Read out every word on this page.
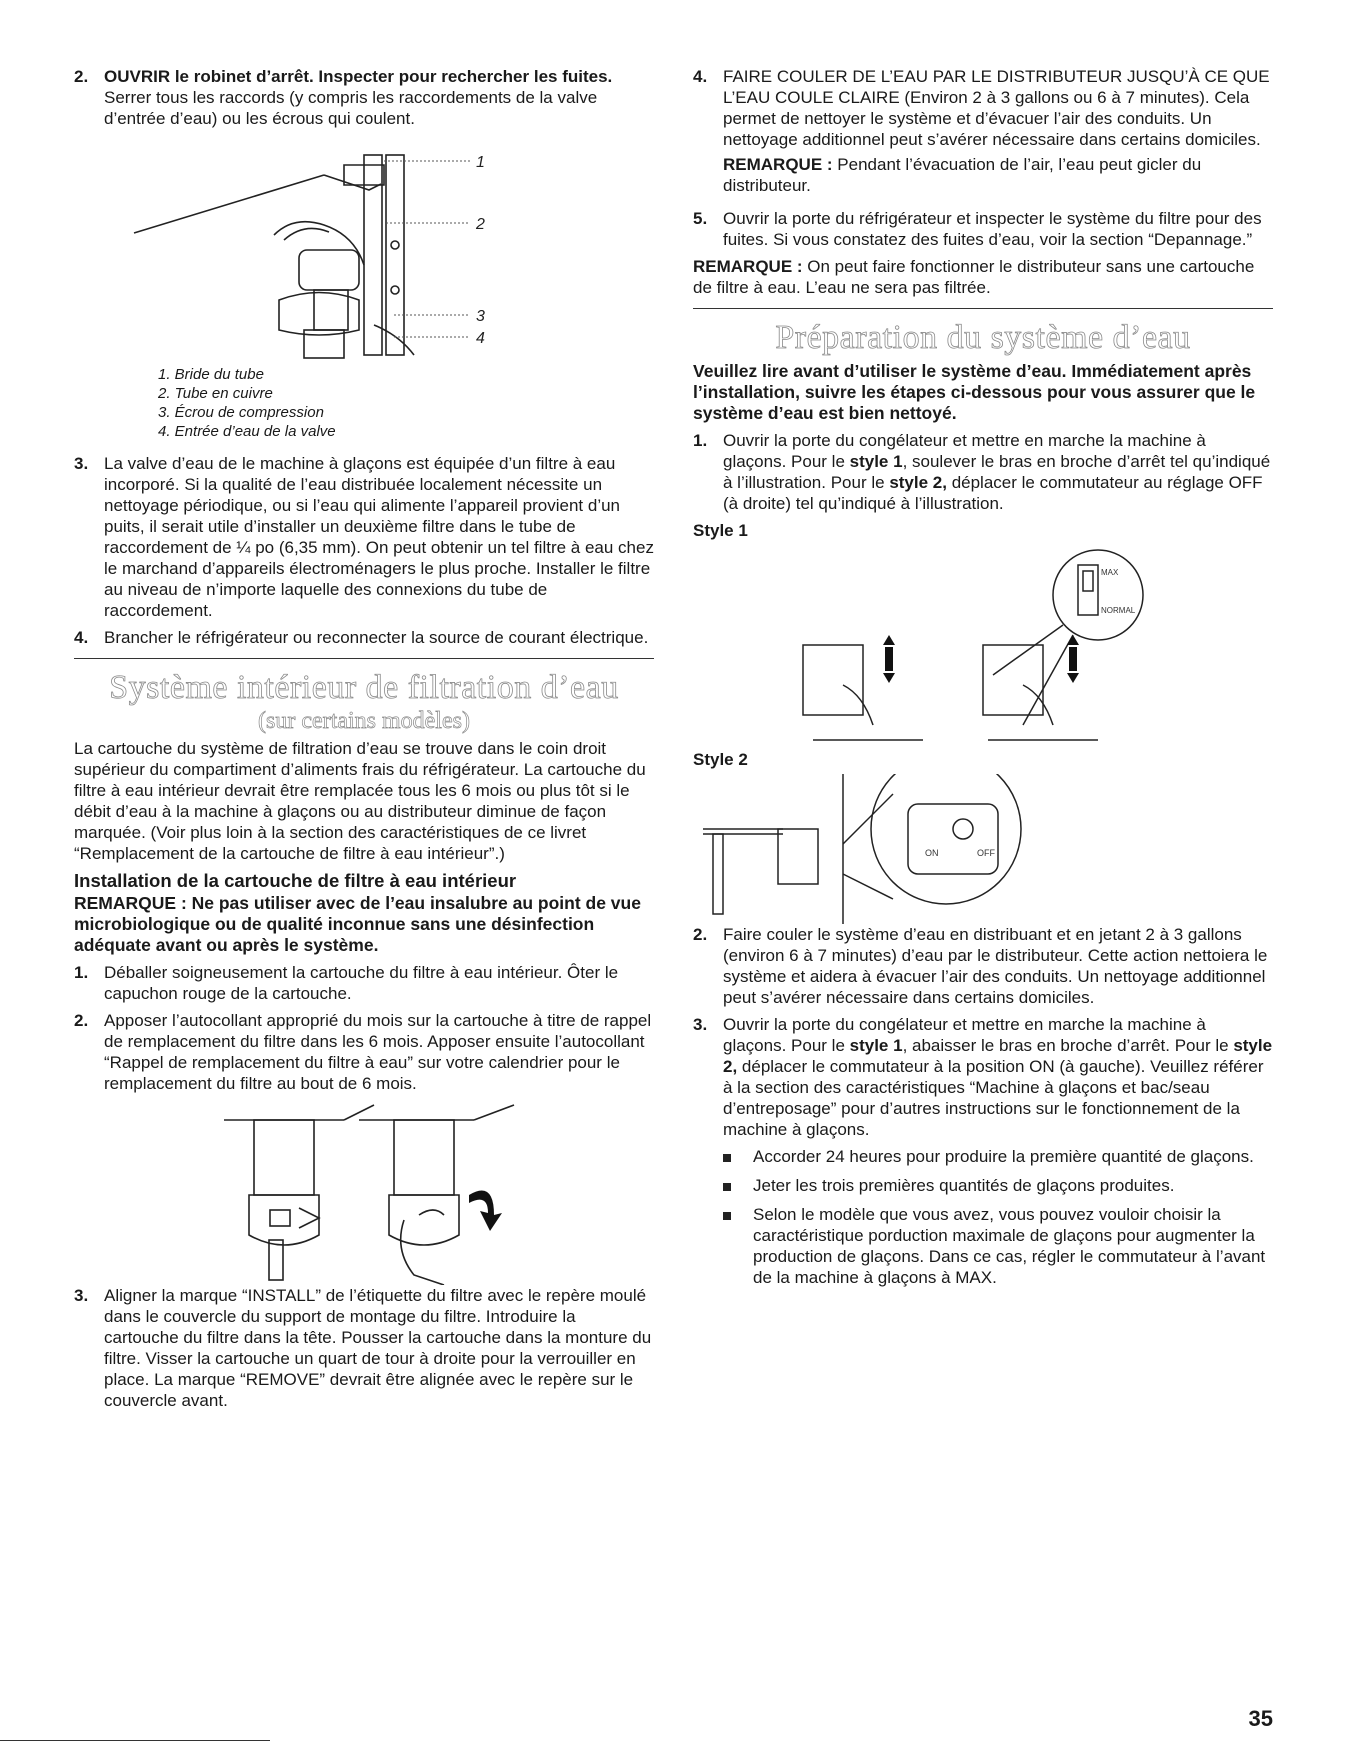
2. OUVRIR le robinet d’arrêt. Inspecter pour rechercher les fuites. Serrer tous les raccords (y compris les raccordements de la valve d’entrée d’eau) ou les écrous qui coulent.
1
2
3
4
1. Bride du tube
2. Tube en cuivre
3. Écrou de compression
4. Entrée d’eau de la valve
3. La valve d’eau de le machine à glaçons est équipée d’un filtre à eau incorporé. Si la qualité de l’eau distribuée localement nécessite un nettoyage périodique, ou si l’eau qui alimente l’appareil provient d’un puits, il serait utile d’installer un deuxième filtre dans le tube de raccordement de ¼ po (6,35 mm). On peut obtenir un tel filtre à eau chez le marchand d’appareils électroménagers le plus proche. Installer le filtre au niveau de n’importe laquelle des connexions du tube de raccordement.
4. Brancher le réfrigérateur ou reconnecter la source de courant électrique.
Système intérieur de filtration d’eau
(sur certains modèles)

La cartouche du système de filtration d’eau se trouve dans le coin droit supérieur du compartiment d’aliments frais du réfrigérateur. La cartouche du filtre à eau intérieur devrait être remplacée tous les 6 mois ou plus tôt si le débit d’eau à la machine à glaçons ou au distributeur diminue de façon marquée. (Voir plus loin à la section des caractéristiques de ce livret “Remplacement de la cartouche de filtre à eau intérieur”.)

Installation de la cartouche de filtre à eau intérieur
REMARQUE : Ne pas utiliser avec de l’eau insalubre au point de vue microbiologique ou de qualité inconnue sans une désinfection adéquate avant ou après le système.
1. Déballer soigneusement la cartouche du filtre à eau intérieur. Ôter le capuchon rouge de la cartouche.
2. Apposer l’autocollant approprié du mois sur la cartouche à titre de rappel de remplacement du filtre dans les 6 mois. Apposer ensuite l’autocollant “Rappel de remplacement du filtre à eau” sur votre calendrier pour le remplacement du filtre au bout de 6 mois.
3. Aligner la marque “INSTALL” de l’étiquette du filtre avec le repère moulé dans le couvercle du support de montage du filtre. Introduire la cartouche du filtre dans la tête. Pousser la cartouche dans la monture du filtre. Visser la cartouche un quart de tour à droite pour la verrouiller en place. La marque “REMOVE” devrait être alignée avec le repère sur le couvercle avant.
4. FAIRE COULER DE L’EAU PAR LE DISTRIBUTEUR JUSQU’À CE QUE L’EAU COULE CLAIRE (Environ 2 à 3 gallons ou 6 à 7 minutes). Cela permet de nettoyer le système et d’évacuer l’air des conduits. Un nettoyage additionnel peut s’avérer nécessaire dans certains domiciles.
REMARQUE : Pendant l’évacuation de l’air, l’eau peut gicler du distributeur.
5. Ouvrir la porte du réfrigérateur et inspecter le système du filtre pour des fuites. Si vous constatez des fuites d’eau, voir la section “Depannage.”
REMARQUE : On peut faire fonctionner le distributeur sans une cartouche de filtre à eau. L’eau ne sera pas filtrée.
Préparation du système d’eau
Veuillez lire avant d’utiliser le système d’eau. Immédiatement après l’installation, suivre les étapes ci-dessous pour vous assurer que le système d’eau est bien nettoyé.
1. Ouvrir la porte du congélateur et mettre en marche la machine à glaçons. Pour le style 1, soulever le bras en broche d’arrêt tel qu’indiqué à l’illustration. Pour le style 2, déplacer le commutateur au réglage OFF (à droite) tel qu’indiqué à l’illustration.
Style 1
MAX
NORMAL
Style 2
ON	OFF
2. Faire couler le système d’eau en distribuant et en jetant 2 à 3 gallons (environ 6 à 7 minutes) d’eau par le distributeur. Cette action nettoiera le système et aidera à évacuer l’air des conduits. Un nettoyage additionnel peut s’avérer nécessaire dans certains domiciles.
3. Ouvrir la porte du congélateur et mettre en marche la machine à glaçons. Pour le style 1, abaisser le bras en broche d’arrêt. Pour le style 2, déplacer le commutateur à la position ON (à gauche). Veuillez référer à la section des caractéristiques “Machine à glaçons et bac/seau d’entreposage” pour d’autres instructions sur le fonctionnement de la machine à glaçons.
Accorder 24 heures pour produire la première quantité de glaçons.
Jeter les trois premières quantités de glaçons produites.
Selon le modèle que vous avez, vous pouvez vouloir choisir la caractéristique porduction maximale de glaçons pour augmenter la production de glaçons. Dans ce cas, régler le commutateur à l’avant de la machine à glaçons à MAX.
35
